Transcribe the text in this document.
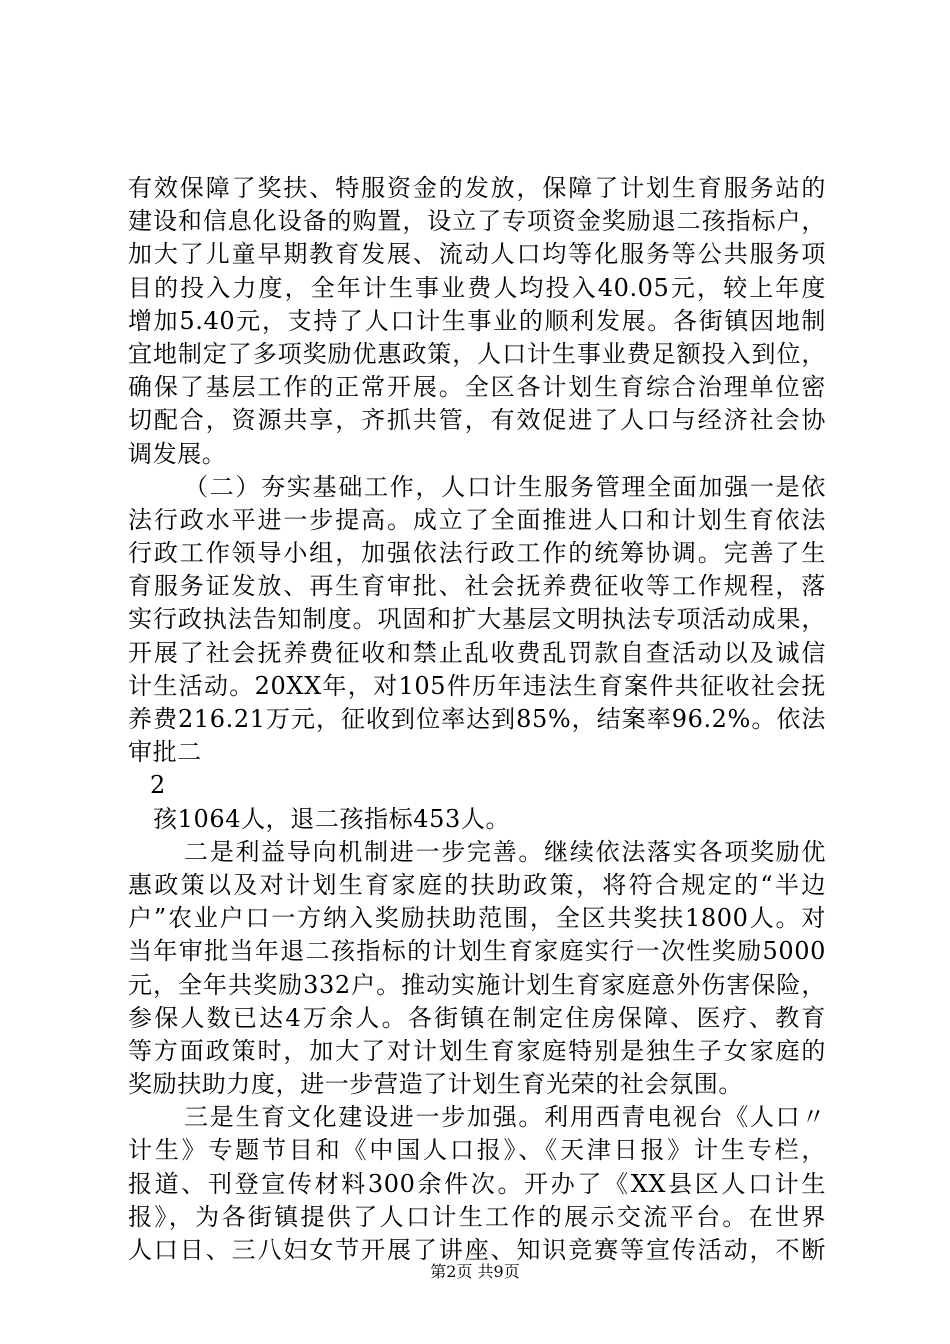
有效保障了奖扶、特服资金的发放，保障了计划生育服务站的
建设和信息化设备的购置，设立了专项资金奖励退二孩指标户，
加大了儿童早期教育发展、流动人口均等化服务等公共服务项
目的投入力度，全年计生事业费人均投入40.05元，较上年度
增加5.40元，支持了人口计生事业的顺利发展。各街镇因地制
宜地制定了多项奖励优惠政策，人口计生事业费足额投入到位，
确保了基层工作的正常开展。全区各计划生育综合治理单位密
切配合，资源共享，齐抓共管，有效促进了人口与经济社会协
调发展。
（二）夯实基础工作，人口计生服务管理全面加强一是依
法行政水平进一步提高。成立了全面推进人口和计划生育依法
行政工作领导小组，加强依法行政工作的统筹协调。完善了生
育服务证发放、再生育审批、社会抚养费征收等工作规程，落
实行政执法告知制度。巩固和扩大基层文明执法专项活动成果，
开展了社会抚养费征收和禁止乱收费乱罚款自查活动以及诚信
计生活动。20XX年，对105件历年违法生育案件共征收社会抚
养费216.21万元，征收到位率达到85%，结案率96.2%。依法
审批二
2
孩1064人，退二孩指标453人。
二是利益导向机制进一步完善。继续依法落实各项奖励优
惠政策以及对计划生育家庭的扶助政策，将符合规定的“半边
户”农业户口一方纳入奖励扶助范围，全区共奖扶1800人。对
当年审批当年退二孩指标的计划生育家庭实行一次性奖励5000
元，全年共奖励332户。推动实施计划生育家庭意外伤害保险，
参保人数已达4万余人。各街镇在制定住房保障、医疗、教育
等方面政策时，加大了对计划生育家庭特别是独生子女家庭的
奖励扶助力度，进一步营造了计划生育光荣的社会氛围。
三是生育文化建设进一步加强。利用西青电视台《人口〃
计生》专题节目和《中国人口报》、《天津日报》计生专栏，
报道、刊登宣传材料300余件次。开办了《XX县区人口计生
报》，为各街镇提供了人口计生工作的展示交流平台。在世界
人口日、三八妇女节开展了讲座、知识竞赛等宣传活动，不断
第2页 共9页
